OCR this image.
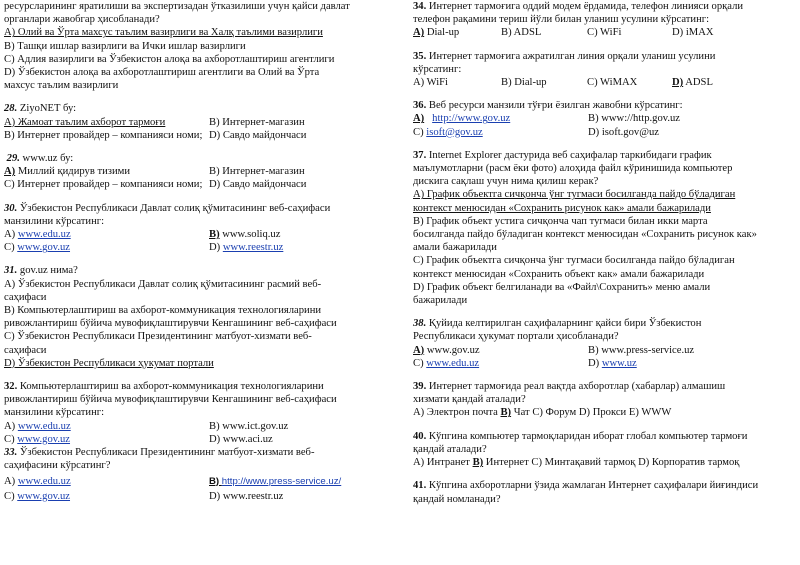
ресурсларининг яратилиши ва экспертизадан ўтказилиши учун қайси давлат

органлари жавобгар ҳисобланади?

A) Олий ва Ўрта махсус таълим вазирлиги ва Халқ таълими вазирлиги

B) Ташқи ишлар вазирлиги ва Ички ишлар вазирлиги

C) Адлия вазирлиги ва Ўзбекистон алоқа ва ахборотлаштириш агентлиги

D) Ўзбекистон алоқа ва ахборотлаштириш агентлиги ва Олий ва Ўрта

махсус таълим вазирлиги

28. ZiyoNET бу:

A) Жамоат таълим ахборот тармоғи	B) Интернет-магазин
B) Интернет провайдер – компанияси номи; D) Савдо майдончаси

29. www.uz бу:

A) Миллий қидирув тизими	B) Интернет-магазин
C) Интернет провайдер – компанияси номи; D) Савдо майдончаси

30. Ўзбекистон Республикаси Давлат солиқ қўмитасининг веб-саҳифаси

манзилини кўрсатинг:

A) www.edu.uz	B) www.soliq.uz
C) www.gov.uz	D) www.reestr.uz

31. gov.uz нима?

A) Ўзбекистон Республикаси Давлат солиқ қўмитасининг расмий веб-

саҳифаси

B) Компьютерлаштириш ва ахборот-коммуникация технологияларини

ривожлантириш бўйича мувофиқлаштирувчи Кенгашининг веб-саҳифаси

C) Ўзбекистон Республикаси Президентининг матбуот-хизмати веб-

саҳифаси

D) Ўзбекистон Республикаси ҳукумат портали

32. Компьютерлаштириш ва ахборот-коммуникация технологияларини

ривожлантириш бўйича мувофиқлаштирувчи Кенгашининг веб-саҳифаси

манзилини кўрсатинг:

A) www.edu.uz	B) www.ict.gov.uz
C) www.gov.uz	D) www.aci.uz

33. Ўзбекистон Республикаси Президентининг матбуот-хизмати веб-

саҳифасини кўрсатинг?

A) www.edu.uz	B) http://www.press-service.uz/
C) www.gov.uz	D) www.reestr.uz

34. Интернет тармоғига оддий модем ёрдамида, телефон линияси орқали

телефон рақамини териш йўли билан уланиш усулини кўрсатинг:

A) Dial-up	B) ADSL	C) WiFi	D) iMAX

35. Интернет тармоғига ажратилган линия орқали уланиш усулини

кўрсатинг:

A) WiFi	B) Dial-up	C) WiMAX	D) ADSL

36. Веб ресурси манзили тўғри ёзилган жавобни кўрсатинг:

A) http://www.gov.uz	B) www://http.gov.uz
C) isoft@gov.uz	D) isoft.gov@uz

37. Internet Explorer дастурида веб саҳифалар таркибидаги график

маълумотларни (расм ёки фото) алоҳида файл кўринишида компьютер

дискига сақлаш учун нима қилиш керак?

A) График объектга сичқонча ўнг тугмаси босилганда пайдо бўладиган

контекст менюсидан «Сохранить рисунок как» амали бажарилади

B) График объект устига сичқонча чап тугмаси билан икки марта

босилганда пайдо бўладиган контекст менюсидан «Сохранить рисунок как»

амали бажарилади

C) График объектга сичқонча ўнг тугмаси босилганда пайдо бўладиган

контекст менюсидан «Сохранить объект как» амали бажарилади

D) График объект белгиланади ва «Файл\Сохранить» меню амали

бажарилади

38. Қуйида келтирилган саҳифаларнинг қайси бири Ўзбекистон

Республикаси ҳукумат портали ҳисобланади?

A) www.gov.uz	B) www.press-service.uz
C) www.edu.uz	D) www.uz

39. Интернет тармоғида реал вақтда ахборотлар (хабарлар) алмашиш

хизмати қандай аталади?

A) Электрон почта B) Чат C) Форум D) Прокси E) WWW

40. Кўпгина компьютер тармоқларидан иборат глобал компьютер тармоғи

қандай аталади?

A) Интранет B) Интернет C) Минтақавий тармоқ D) Корпоратив тармоқ

41. Кўпгина ахборотларни ўзида жамлаган Интернет саҳифалари йиғиндиси

қандай номланади?
